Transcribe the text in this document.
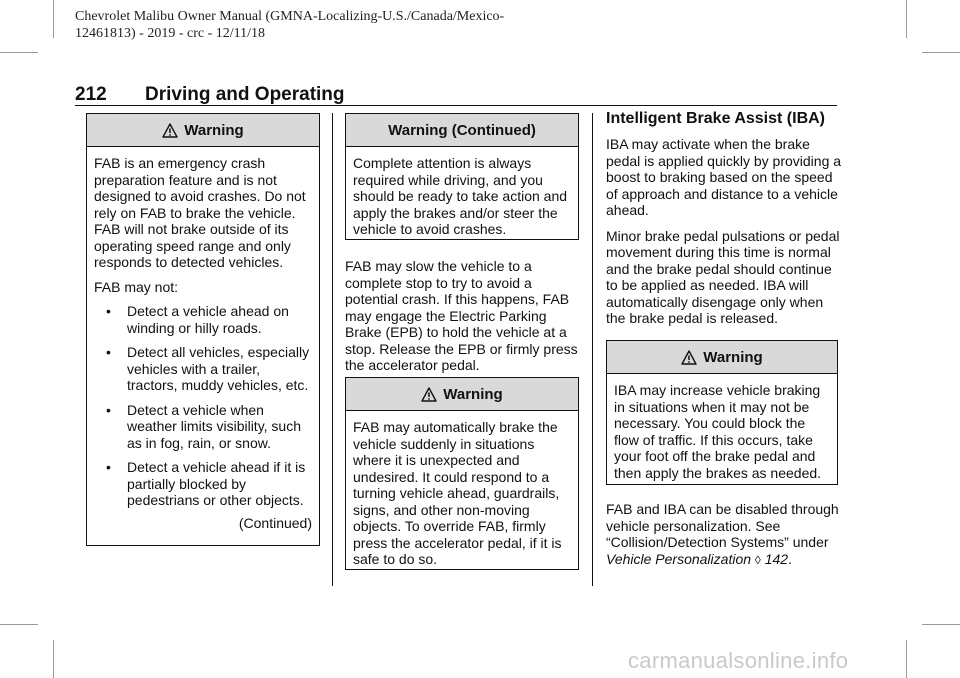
Chevrolet Malibu Owner Manual (GMNA-Localizing-U.S./Canada/Mexico-
12461813) - 2019 - crc - 12/11/18
212 Driving and Operating
Warning

FAB is an emergency crash preparation feature and is not designed to avoid crashes. Do not rely on FAB to brake the vehicle. FAB will not brake outside of its operating speed range and only responds to detected vehicles.

FAB may not:

• Detect a vehicle ahead on winding or hilly roads.
• Detect all vehicles, especially vehicles with a trailer, tractors, muddy vehicles, etc.
• Detect a vehicle when weather limits visibility, such as in fog, rain, or snow.
• Detect a vehicle ahead if it is partially blocked by pedestrians or other objects.
(Continued)
Warning (Continued)

Complete attention is always required while driving, and you should be ready to take action and apply the brakes and/or steer the vehicle to avoid crashes.

FAB may slow the vehicle to a complete stop to try to avoid a potential crash. If this happens, FAB may engage the Electric Parking Brake (EPB) to hold the vehicle at a stop. Release the EPB or firmly press the accelerator pedal.

Warning

FAB may automatically brake the vehicle suddenly in situations where it is unexpected and undesired. It could respond to a turning vehicle ahead, guardrails, signs, and other non-moving objects. To override FAB, firmly press the accelerator pedal, if it is safe to do so.

Intelligent Brake Assist (IBA)

IBA may activate when the brake pedal is applied quickly by providing a boost to braking based on the speed of approach and distance to a vehicle ahead.

Minor brake pedal pulsations or pedal movement during this time is normal and the brake pedal should continue to be applied as needed. IBA will automatically disengage only when the brake pedal is released.

Warning

IBA may increase vehicle braking in situations when it may not be necessary. You could block the flow of traffic. If this occurs, take your foot off the brake pedal and then apply the brakes as needed.

FAB and IBA can be disabled through vehicle personalization. See “Collision/Detection Systems” under Vehicle Personalization ◊ 142.

carmanualsonline.info
